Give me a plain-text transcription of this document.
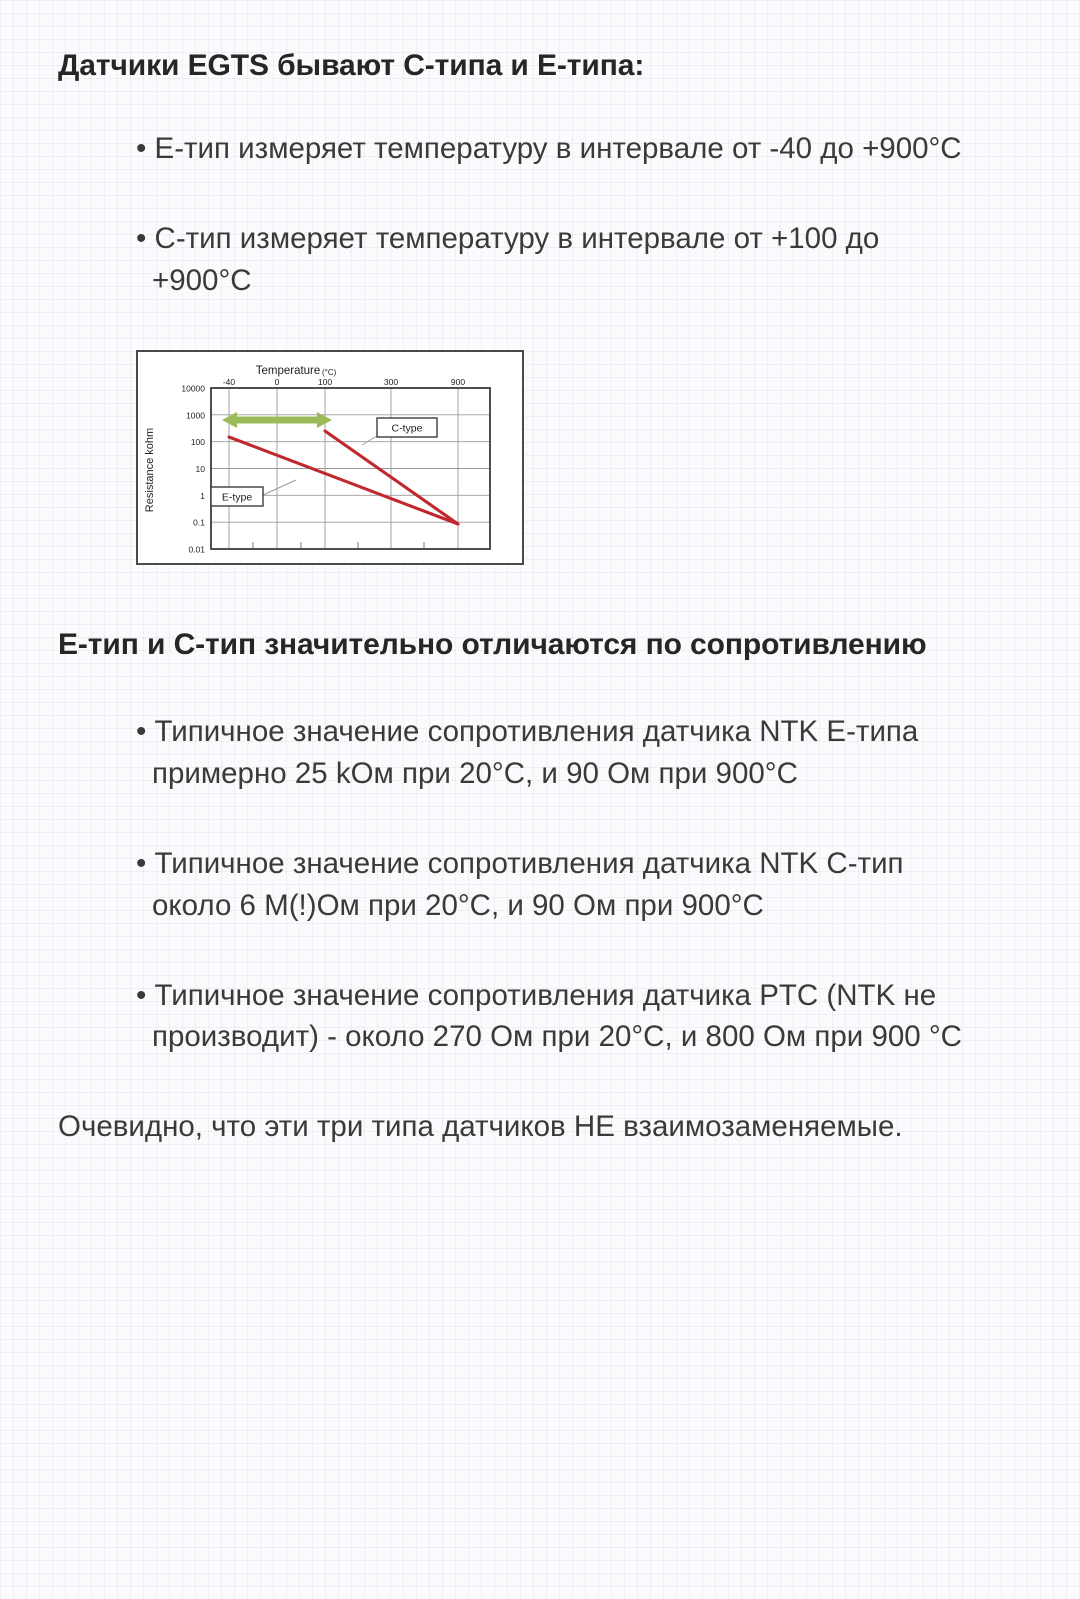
Датчики EGTS бывают С-типа и Е-типа:

• Е-тип измеряет температуру в интервале от -40 до +900°C

• С-тип измеряет температуру в интервале от +100 до +900°C

Temperature (°C)
Resistance kohm
10000
1000
100
10
1
0.1
0.01
-40	0	100	300	900
C-type
E-type
Е-тип и С-тип значительно отличаются по сопротивлению

• Типичное значение сопротивления датчика NTK Е-типа примерно 25 kОм при 20°C, и 90 Ом при 900°C

• Типичное значение сопротивления датчика NTK С-тип около 6 М(!)Ом при 20°C, и 90 Ом при 900°C

• Типичное значение сопротивления датчика PTC (NTK не производит) - около 270 Ом при 20°C, и 800 Ом при 900 °C

Очевидно, что эти три типа датчиков НЕ взаимозаменяемые.
